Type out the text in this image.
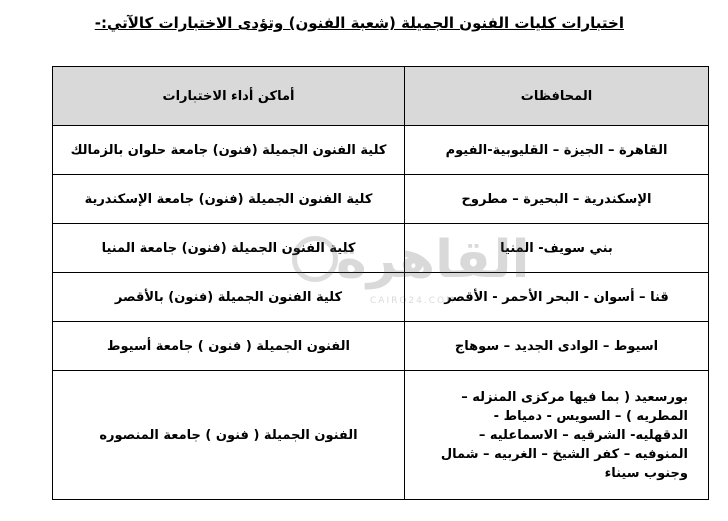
اختبارات كليات الفنون الجميلة (شعبة الفنون) وتؤدى الاختبارات كالآتي:-
المحافظات	أماكن أداء الاختبارات
القاهرة – الجيزة – القليوبية-الفيوم	كلية الفنون الجميلة (فنون) جامعة حلوان بالزمالك
الإسكندرية – البحيرة – مطروح	كلية الفنون الجميلة (فنون) جامعة الإسكندرية
بني سويف- المنيا	كلية الفنون الجميلة (فنون) جامعة المنيا
قنا – أسوان - البحر الأحمر - الأقصر	كلية الفنون الجميلة (فنون) بالأقصر
اسيوط – الوادى الجديد – سوهاج	الفنون الجميلة ( فنون ) جامعة أسيوط

بورسعيد ( بما فيها مركزى المنزله –
المطريه ) – السويس - دمياط -
الدقهليه- الشرقيه – الاسماعليه –
المنوفيه – كفر الشيخ – الغربيه – شمال
وجنوب سيناء	الفنون الجميلة ( فنون ) جامعة المنصوره
القاهرة
CAIRO24.COM
